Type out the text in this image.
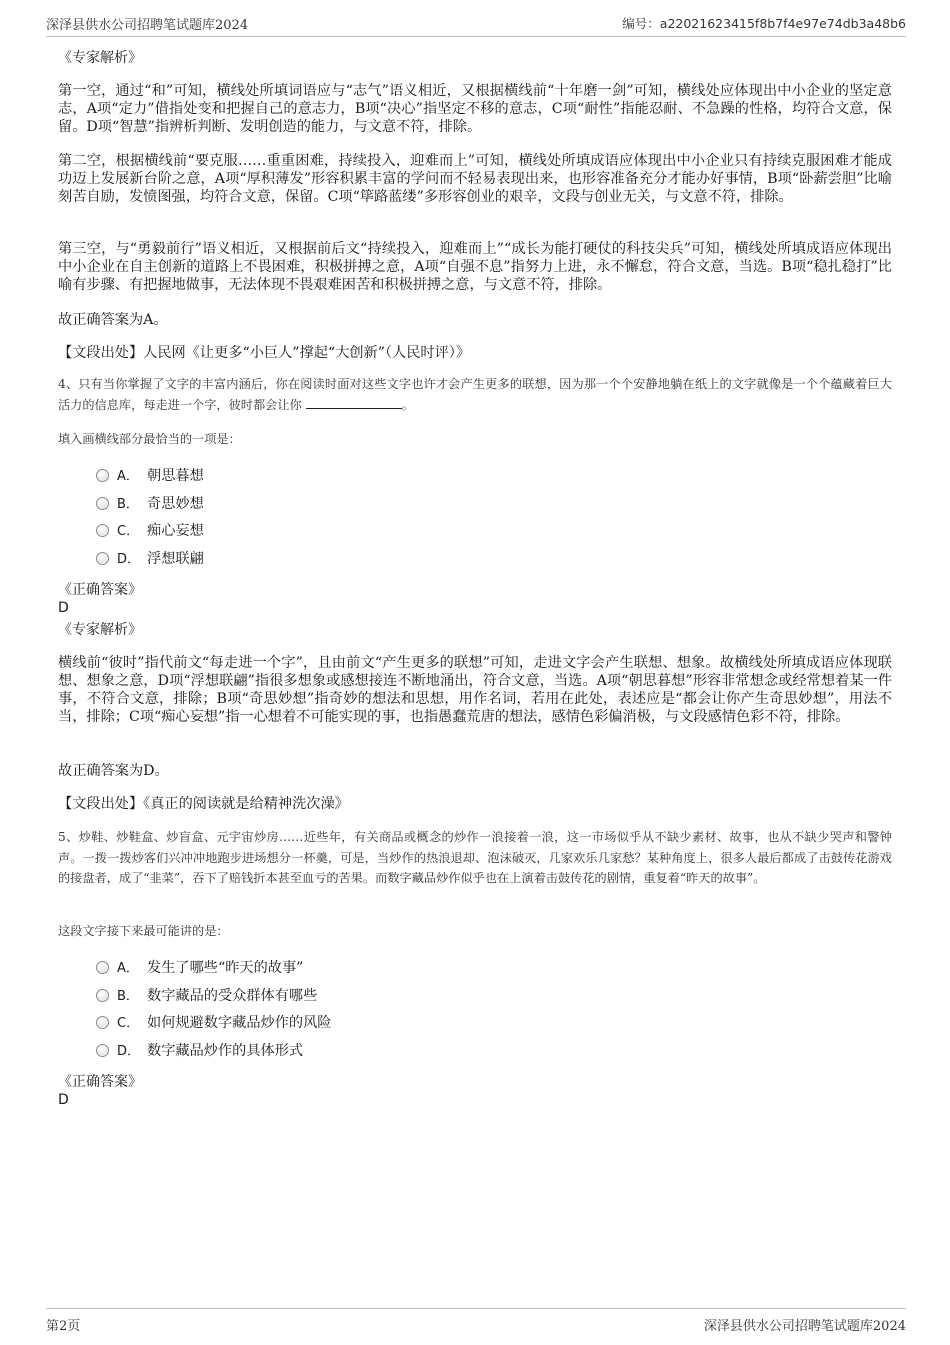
深泽县供水公司招聘笔试题库2024	编号：a22021623415f8b7f4e97e74db3a48b6
《专家解析》
第一空，通过“和”可知，横线处所填词语应与“志气”语义相近，又根据横线前“十年磨一剑”可知，横线处应体现出中小企业的坚定意志，A项“定力”借指处变和把握自己的意志力，B项“决心”指坚定不移的意志，C项“耐性”指能忍耐、不急躁的性格，均符合文意，保留。D项“智慧”指辨析判断、发明创造的能力，与文意不符，排除。
第二空，根据横线前“要克服……重重困难，持续投入，迎难而上”可知，横线处所填成语应体现出中小企业只有持续克服困难才能成功迈上发展新台阶之意，A项“厚积薄发”形容积累丰富的学问而不轻易表现出来，也形容准备充分才能办好事情，B项“卧薪尝胆”比喻刻苦自励，发愤图强，均符合文意，保留。C项“筚路蓝缕”多形容创业的艰辛，文段与创业无关，与文意不符，排除。
第三空，与“勇毅前行”语义相近，又根据前后文“持续投入，迎难而上”“成长为能打硬仗的科技尖兵”可知，横线处所填成语应体现出中小企业在自主创新的道路上不畏困难，积极拼搏之意，A项“自强不息”指努力上进，永不懈怠，符合文意，当选。B项“稳扎稳打”比喻有步骤、有把握地做事，无法体现不畏艰难困苦和积极拼搏之意，与文意不符，排除。
故正确答案为A。
【文段出处】人民网《让更多“小巨人”撑起“大创新”（人民时评）》
4、只有当你掌握了文字的丰富内涵后，你在阅读时面对这些文字也许才会产生更多的联想，因为那一个个安静地躺在纸上的文字就像是一个个蕴藏着巨大活力的信息库，每走进一个字，彼时都会让你	。
填入画横线部分最恰当的一项是：
A． 朝思暮想
B． 奇思妙想
C． 痴心妄想
D． 浮想联翩
《正确答案》
D
《专家解析》
横线前“彼时”指代前文“每走进一个字”，且由前文“产生更多的联想”可知，走进文字会产生联想、想象。故横线处所填成语应体现联想、想象之意，D项“浮想联翩”指很多想象或感想接连不断地涌出，符合文意，当选。A项“朝思暮想”形容非常想念或经常想着某一件事，不符合文意，排除；B项“奇思妙想”指奇妙的想法和思想，用作名词，若用在此处，表述应是“都会让你产生奇思妙想”，用法不当，排除；C项“痴心妄想”指一心想着不可能实现的事，也指愚蠢荒唐的想法，感情色彩偏消极，与文段感情色彩不符，排除。
故正确答案为D。
【文段出处】《真正的阅读就是给精神洗次澡》
5、炒鞋、炒鞋盒、炒盲盒、元宇宙炒房……近些年，有关商品或概念的炒作一浪接着一浪，这一市场似乎从不缺少素材、故事，也从不缺少哭声和警钟声。一拨一拨炒客们兴冲冲地跑步进场想分一杯羹，可是，当炒作的热浪退却、泡沫破灭，几家欢乐几家愁？某种角度上，很多人最后都成了击鼓传花游戏的接盘者，成了“韭菜”，吞下了赔钱折本甚至血亏的苦果。而数字藏品炒作似乎也在上演着击鼓传花的剧情，重复着“昨天的故事”。
这段文字接下来最可能讲的是：
A． 发生了哪些“昨天的故事”
B． 数字藏品的受众群体有哪些
C． 如何规避数字藏品炒作的风险
D． 数字藏品炒作的具体形式
《正确答案》
D
第2页	深泽县供水公司招聘笔试题库2024
